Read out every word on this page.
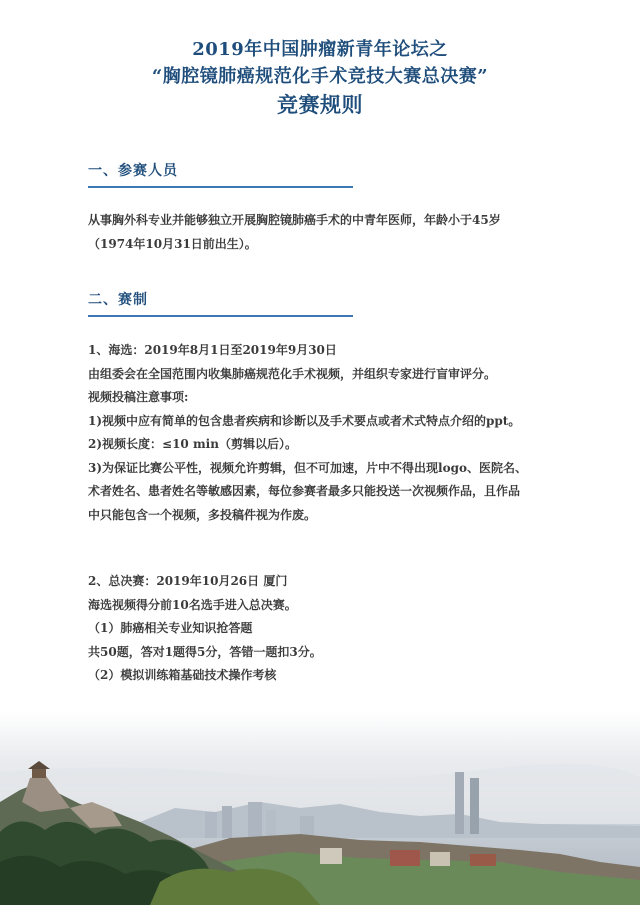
2019年中国肿瘤新青年论坛之
“胸腔镜肺癌规范化手术竞技大赛总决赛”
竞赛规则
一、参赛人员

从事胸外科专业并能够独立开展胸腔镜肺癌手术的中青年医师，年龄小于45岁

（1974年10月31日前出生）。

二、赛制

1、海选：2019年8月1日至2019年9月30日

由组委会在全国范围内收集肺癌规范化手术视频，并组织专家进行盲审评分。

视频投稿注意事项:

1)视频中应有简单的包含患者疾病和诊断以及手术要点或者术式特点介绍的ppt。

2)视频长度：≤10 min（剪辑以后）。

3)为保证比赛公平性，视频允许剪辑，但不可加速，片中不得出现logo、医院名、

术者姓名、患者姓名等敏感因素，每位参赛者最多只能投送一次视频作品，且作品

中只能包含一个视频，多投稿件视为作废。

2、总决赛：2019年10月26日 厦门

海选视频得分前10名选手进入总决赛。

（1）肺癌相关专业知识抢答题

共50题，答对1题得5分，答错一题扣3分。

（2）模拟训练箱基础技术操作考核
